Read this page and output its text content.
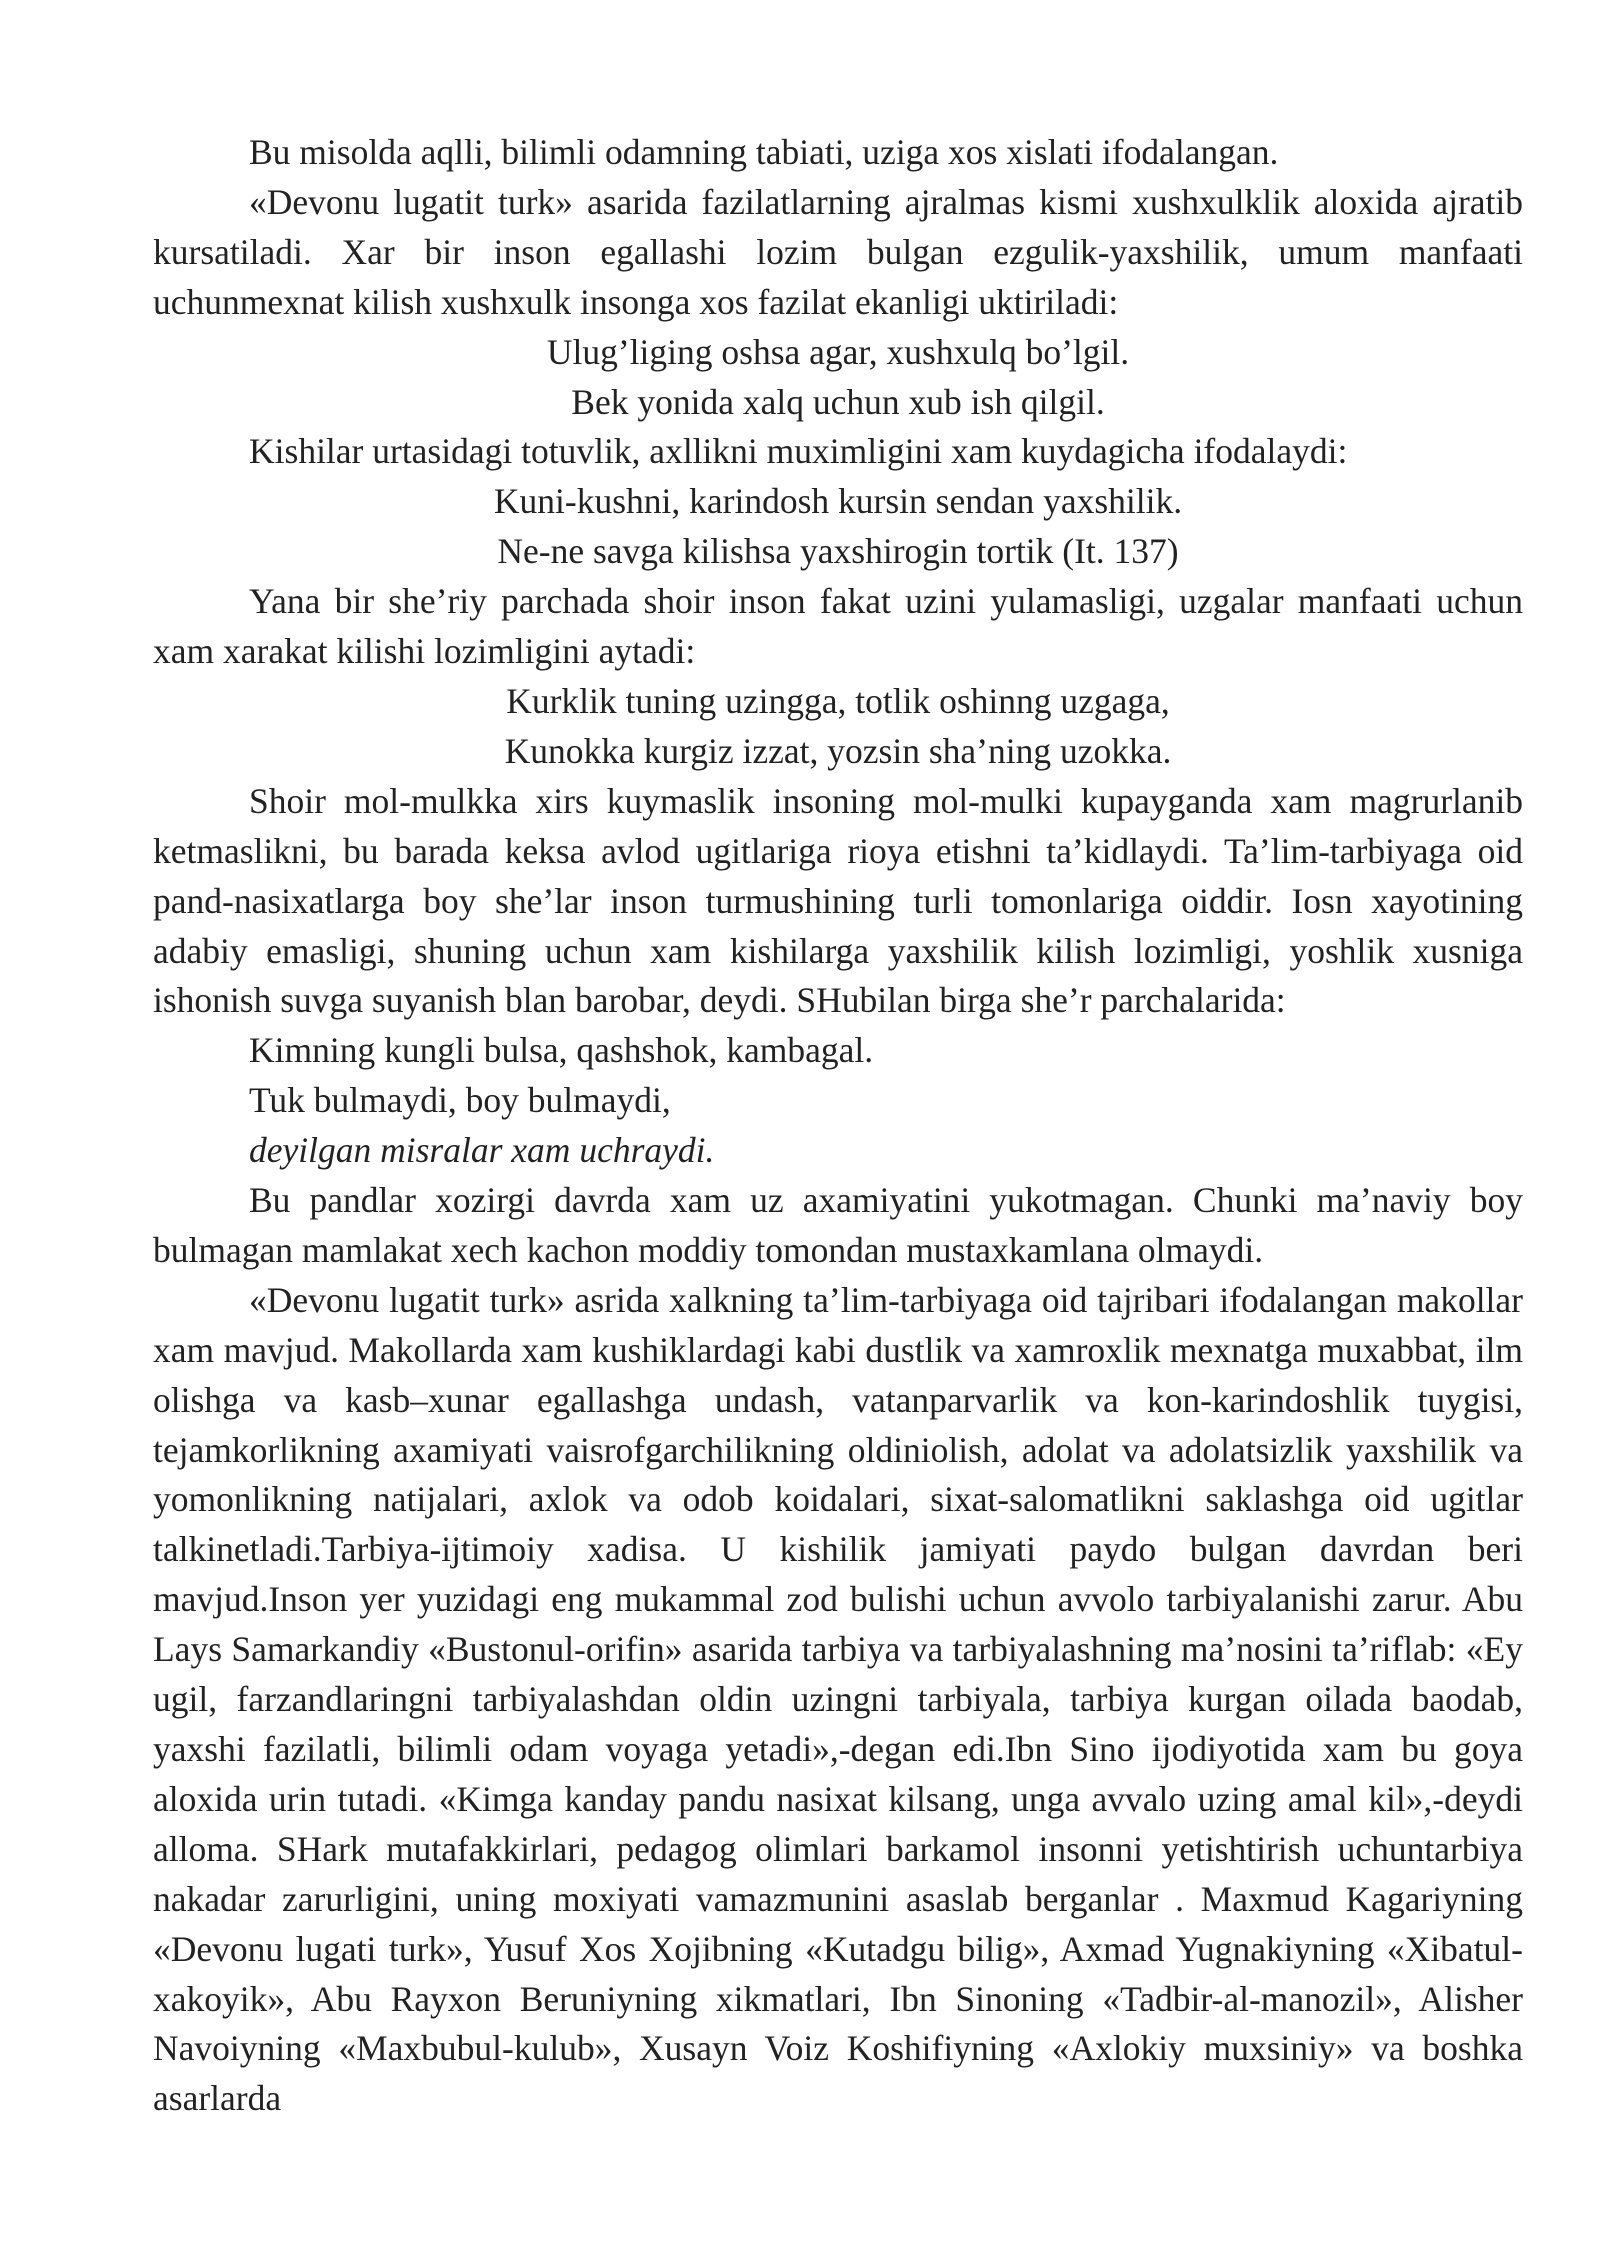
Bu misolda aqlli, bilimli odamning tabiati, uziga xos xislati ifodalangan.

«Devonu lugatit turk» asarida fazilatlarning ajralmas kismi xushxulklik aloxida ajratib kursatiladi. Xar bir inson egallashi lozim bulgan ezgulik-yaxshilik, umum manfaati uchunmexnat kilish xushxulk insonga xos fazilat ekanligi uktiriladi:

Ulug’liging oshsa agar, xushxulq bo’lgil.

Bek yonida xalq uchun xub ish qilgil.

Kishilar urtasidagi totuvlik, axllikni muximligini xam kuydagicha ifodalaydi:

Kuni-kushni, karindosh kursin sendan yaxshilik.

Ne-ne savga kilishsa yaxshirogin tortik (It. 137)

Yana bir she’riy parchada shoir inson fakat uzini yulamasligi, uzgalar manfaati uchun xam xarakat kilishi lozimligini aytadi:

Kurklik tuning uzingga, totlik oshinng uzgaga,

Kunokka kurgiz izzat, yozsin sha’ning uzokka.

Shoir mol-mulkka xirs kuymaslik insoning mol-mulki kupayganda xam magrurlanib ketmaslikni, bu barada keksa avlod ugitlariga rioya etishni ta’kidlaydi. Ta’lim-tarbiyaga oid pand-nasixatlarga boy she’lar inson turmushining turli tomonlariga oiddir. Iosn xayotining adabiy emasligi, shuning uchun xam kishilarga yaxshilik kilish lozimligi, yoshlik xusniga ishonish suvga suyanish blan barobar, deydi. SHubilan birga she’r parchalarida:

Kimning kungli bulsa, qashshok, kambagal.

Tuk bulmaydi, boy bulmaydi,

deyilgan misralar xam uchraydi.

Bu pandlar xozirgi davrda xam uz axamiyatini yukotmagan. Chunki ma’naviy boy bulmagan mamlakat xech kachon moddiy tomondan mustaxkamlana olmaydi.

«Devonu lugatit turk» asrida xalkning ta’lim-tarbiyaga oid tajribari ifodalangan makollar xam mavjud. Makollarda xam kushiklardagi kabi dustlik va xamroxlik mexnatga muxabbat, ilm olishga va kasb–xunar egallashga undash, vatanparvarlik va kon-karindoshlik tuygisi, tejamkorlikning axamiyati vaisrofgarchilikning oldiniolish, adolat va adolatsizlik yaxshilik va yomonlikning natijalari, axlok va odob koidalari, sixat-salomatlikni saklashga oid ugitlar talkinetladi.Tarbiya-ijtimoiy xadisa. U kishilik jamiyati paydo bulgan davrdan beri mavjud.Inson yer yuzidagi eng mukammal zod bulishi uchun avvolo tarbiyalanishi zarur. Abu Lays Samarkandiy «Bustonul-orifin» asarida tarbiya va tarbiyalashning ma’nosini ta’riflab: «Ey ugil, farzandlaringni tarbiyalashdan oldin uzingni tarbiyala, tarbiya kurgan oilada baodab, yaxshi fazilatli, bilimli odam voyaga yetadi»,-degan edi.Ibn Sino ijodiyotida xam bu goya aloxida urin tutadi. «Kimga kanday pandu nasixat kilsang, unga avvalo uzing amal kil»,-deydi alloma. SHark mutafakkirlari, pedagog olimlari barkamol insonni yetishtirish uchuntarbiya nakadar zarurligini, uning moxiyati vamazmunini asaslab berganlar . Maxmud Kagariyning «Devonu lugati turk», Yusuf Xos Xojibning «Kutadgu bilig», Axmad Yugnakiyning «Xibatul-xakoyik», Abu Rayxon Beruniyning xikmatlari, Ibn Sinoning «Tadbir-al-manozil», Alisher Navoiyning «Maxbubul-kulub», Xusayn Voiz Koshifiyning «Axlokiy muxsiniy» va boshka asarlarda
